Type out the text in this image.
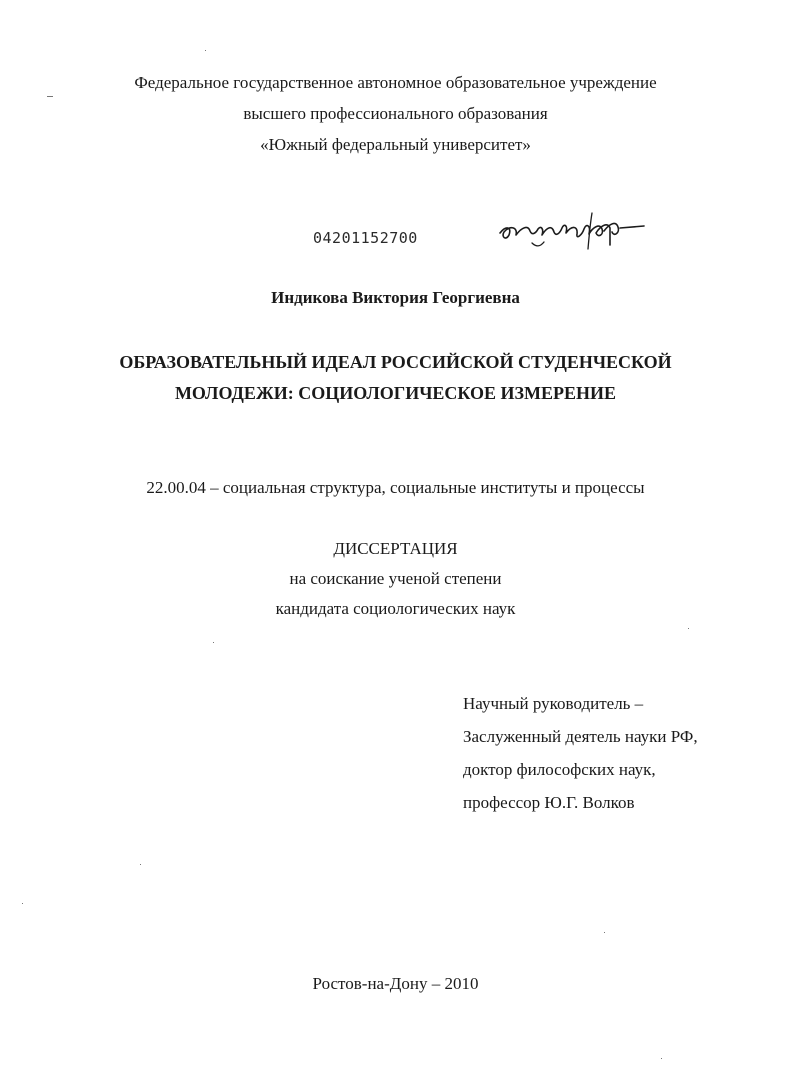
Федеральное государственное автономное образовательное учреждение
высшего профессионального образования
«Южный федеральный университет»
04201152700
Индикова Виктория Георгиевна
ОБРАЗОВАТЕЛЬНЫЙ ИДЕАЛ РОССИЙСКОЙ СТУДЕНЧЕСКОЙ
МОЛОДЕЖИ: СОЦИОЛОГИЧЕСКОЕ ИЗМЕРЕНИЕ
22.00.04 – социальная структура, социальные институты и процессы
ДИССЕРТАЦИЯ
на соискание ученой степени
кандидата социологических наук
Научный руководитель –
Заслуженный деятель науки РФ,
доктор философских наук,
профессор Ю.Г. Волков
Ростов-на-Дону – 2010
